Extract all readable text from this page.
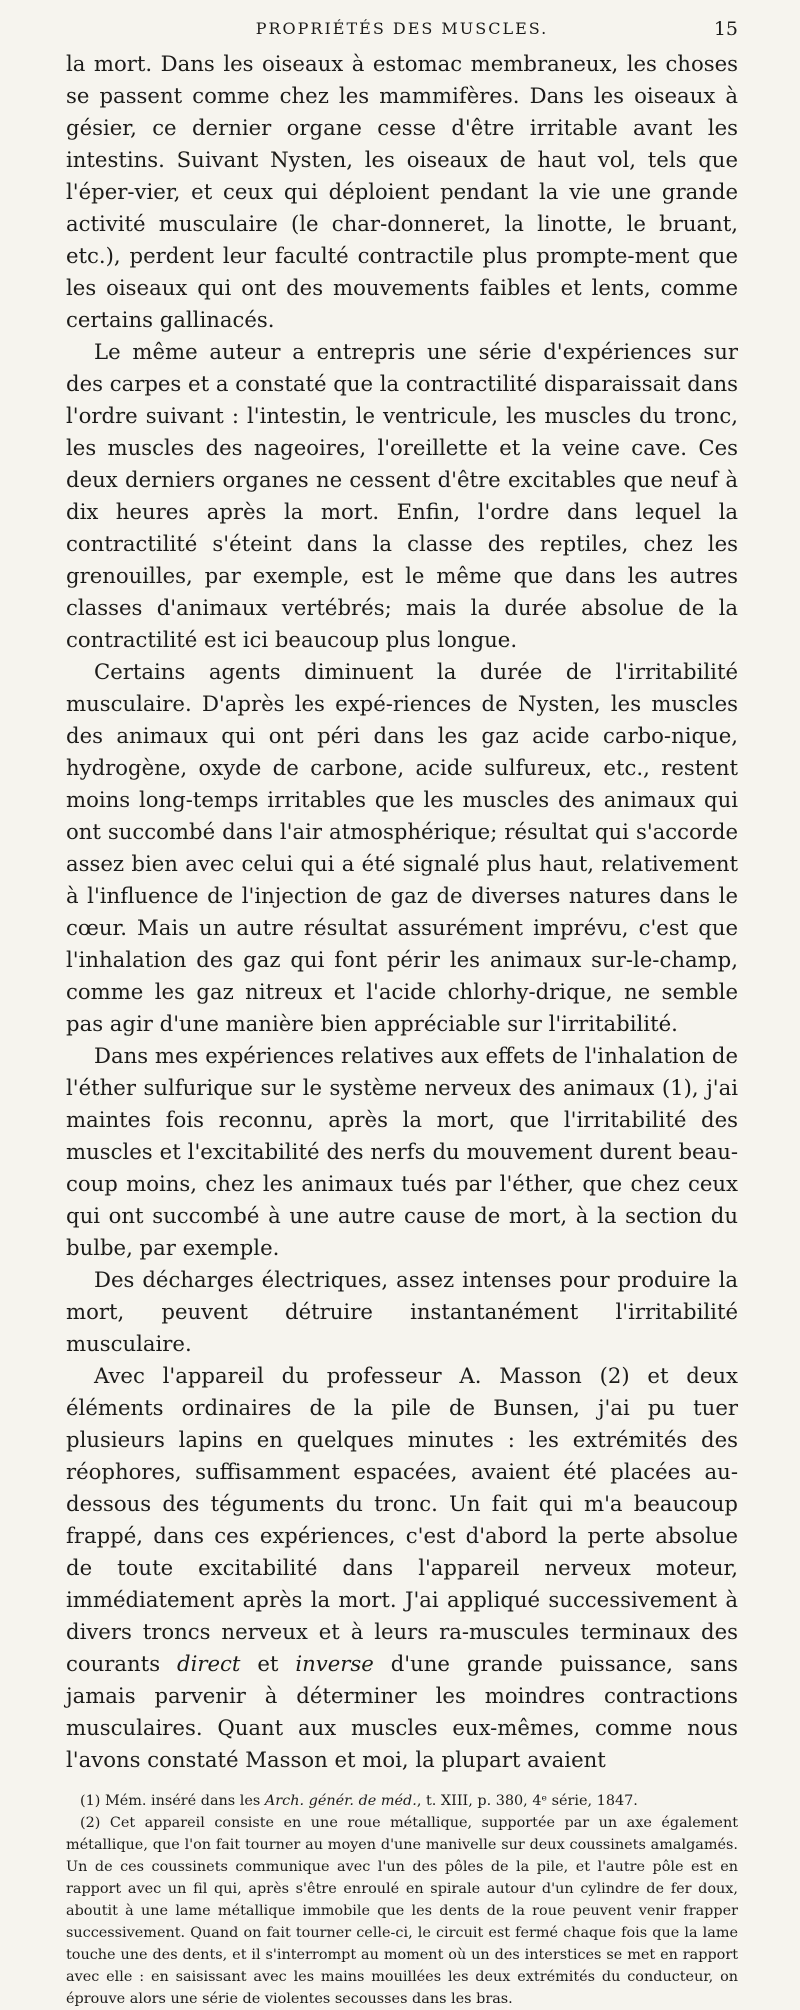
PROPRIÉTÉS DES MUSCLES.	15

la mort. Dans les oiseaux à estomac membraneux, les choses se passent comme chez les mammifères. Dans les oiseaux à gésier, ce dernier organe cesse d'être irritable avant les intestins. Suivant Nysten, les oiseaux de haut vol, tels que l'éper-vier, et ceux qui déploient pendant la vie une grande activité musculaire (le char-donneret, la linotte, le bruant, etc.), perdent leur faculté contractile plus prompte-ment que les oiseaux qui ont des mouvements faibles et lents, comme certains gallinacés.

Le même auteur a entrepris une série d'expériences sur des carpes et a constaté que la contractilité disparaissait dans l'ordre suivant : l'intestin, le ventricule, les muscles du tronc, les muscles des nageoires, l'oreillette et la veine cave. Ces deux derniers organes ne cessent d'être excitables que neuf à dix heures après la mort. Enfin, l'ordre dans lequel la contractilité s'éteint dans la classe des reptiles, chez les grenouilles, par exemple, est le même que dans les autres classes d'animaux vertébrés; mais la durée absolue de la contractilité est ici beaucoup plus longue.

Certains agents diminuent la durée de l'irritabilité musculaire. D'après les expé-riences de Nysten, les muscles des animaux qui ont péri dans les gaz acide carbo-nique, hydrogène, oxyde de carbone, acide sulfureux, etc., restent moins long-temps irritables que les muscles des animaux qui ont succombé dans l'air atmosphérique; résultat qui s'accorde assez bien avec celui qui a été signalé plus haut, relativement à l'influence de l'injection de gaz de diverses natures dans le cœur. Mais un autre résultat assurément imprévu, c'est que l'inhalation des gaz qui font périr les animaux sur-le-champ, comme les gaz nitreux et l'acide chlorhy-drique, ne semble pas agir d'une manière bien appréciable sur l'irritabilité.

Dans mes expériences relatives aux effets de l'inhalation de l'éther sulfurique sur le système nerveux des animaux (1), j'ai maintes fois reconnu, après la mort, que l'irritabilité des muscles et l'excitabilité des nerfs du mouvement durent beau-coup moins, chez les animaux tués par l'éther, que chez ceux qui ont succombé à une autre cause de mort, à la section du bulbe, par exemple.

Des décharges électriques, assez intenses pour produire la mort, peuvent détruire instantanément l'irritabilité musculaire.

Avec l'appareil du professeur A. Masson (2) et deux éléments ordinaires de la pile de Bunsen, j'ai pu tuer plusieurs lapins en quelques minutes : les extrémités des réophores, suffisamment espacées, avaient été placées au-dessous des téguments du tronc. Un fait qui m'a beaucoup frappé, dans ces expériences, c'est d'abord la perte absolue de toute excitabilité dans l'appareil nerveux moteur, immédiatement après la mort. J'ai appliqué successivement à divers troncs nerveux et à leurs ra-muscules terminaux des courants direct et inverse d'une grande puissance, sans jamais parvenir à déterminer les moindres contractions musculaires. Quant aux muscles eux-mêmes, comme nous l'avons constaté Masson et moi, la plupart avaient

(1) Mém. inséré dans les Arch. génér. de méd., t. XIII, p. 380, 4ᵉ série, 1847.

(2) Cet appareil consiste en une roue métallique, supportée par un axe également métallique, que l'on fait tourner au moyen d'une manivelle sur deux coussinets amalgamés. Un de ces coussinets communique avec l'un des pôles de la pile, et l'autre pôle est en rapport avec un fil qui, après s'être enroulé en spirale autour d'un cylindre de fer doux, aboutit à une lame métallique immobile que les dents de la roue peuvent venir frapper successivement. Quand on fait tourner celle-ci, le circuit est fermé chaque fois que la lame touche une des dents, et il s'interrompt au moment où un des interstices se met en rapport avec elle : en saisissant avec les mains mouillées les deux extrémités du conducteur, on éprouve alors une série de violentes secousses dans les bras.
